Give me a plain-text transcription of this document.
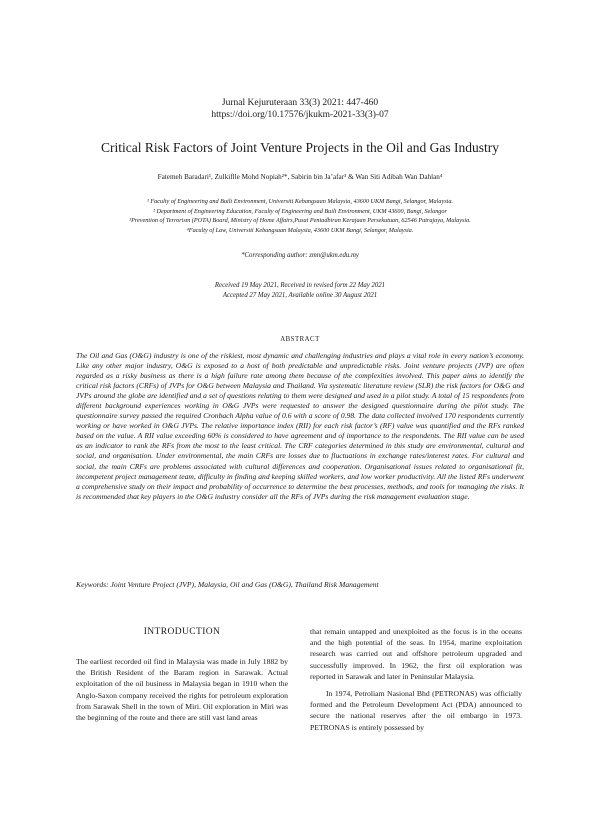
Jurnal Kejuruteraan 33(3) 2021: 447-460
https://doi.org/10.17576/jkukm-2021-33(3)-07
Critical Risk Factors of Joint Venture Projects in the Oil and Gas Industry
Fatemeh Baradari¹, Zulkiflle Mohd Nopiah²*, Sabirin bin Ja’afar³ & Wan Siti Adibah Wan Dahlan⁴
¹ Faculty of Engineering and Built Environment, Universiti Kebangsaan Malaysia, 43600 UKM Bangi, Selangor, Malaysia.
² Department of Engineering Education, Faculty of Engineering and Built Environment, UKM 43600, Bangi, Selangor
³Prevention of Terrorism (POTA) Board, Ministry of Home Affairs,Pusat Pentadbiran Kerajaan Persekutuan, 62546 Putrajaya, Malaysia.
⁴Faculty of Law, Universiti Kebangsaan Malaysia, 43600 UKM Bangi, Selangor, Malaysia.
*Corresponding author: zmn@ukm.edu.my
Received 19 May 2021, Received in revised form 22 May 2021
Accepted 27 May 2021, Available online 30 August 2021
ABSTRACT
The Oil and Gas (O&G) industry is one of the riskiest, most dynamic and challenging industries and plays a vital role in every nation’s economy. Like any other major industry, O&G is exposed to a host of both predictable and unpredictable risks. Joint venture projects (JVP) are often regarded as a risky business as there is a high failure rate among them because of the complexities involved. This paper aims to identify the critical risk factors (CRFs) of JVPs for O&G between Malaysia and Thailand. Via systematic literature review (SLR) the risk factors for O&G and JVPs around the globe are identified and a set of questions relating to them were designed and used in a pilot study. A total of 15 respondents from different background experiences working in O&G JVPs were requested to answer the designed questionnaire during the pilot study. The questionnaire survey passed the required Cronbach Alpha value of 0.6 with a score of 0.98. The data collected involved 170 respondents currently working or have worked in O&G JVPs. The relative importance index (RII) for each risk factor’s (RF) value was quantified and the RFs ranked based on the value. A RII value exceeding 60% is considered to have agreement and of importance to the respondents. The RII value can be used as an indicator to rank the RFs from the most to the least critical. The CRF categories determined in this study are environmental, cultural and social, and organisation. Under environmental, the main CRFs are losses due to fluctuations in exchange rates/interest rates. For cultural and social, the main CRFs are problems associated with cultural differences and cooperation. Organisational issues related to organisational fit, incompetent project management team, difficulty in finding and keeping skilled workers, and low worker productivity. All the listed RFs underwent a comprehensive study on their impact and probability of occurrence to determine the best processes, methods, and tools for managing the risks. It is recommended that key players in the O&G industry consider all the RFs of JVPs during the risk management evaluation stage.
Keywords: Joint Venture Project (JVP), Malaysia, Oil and Gas (O&G), Thailand Risk Management
INTRODUCTION

The earliest recorded oil find in Malaysia was made in July 1882 by the British Resident of the Baram region in Sarawak. Actual exploitation of the oil business in Malaysia began in 1910 when the Anglo-Saxon company received the rights for petroleum exploration from Sarawak Shell in the town of Miri. Oil exploration in Miri was the beginning of the route and there are still vast land areas

that remain untapped and unexploited as the focus is in the oceans and the high potential of the seas. In 1954, marine exploitation research was carried out and offshore petroleum upgraded and successfully improved. In 1962, the first oil exploration was reported in Sarawak and later in Peninsular Malaysia.

In 1974, Petroliam Nasional Bhd (PETRONAS) was officially formed and the Petroleum Development Act (PDA) announced to secure the national reserves after the oil embargo in 1973. PETRONAS is entirely possessed by
